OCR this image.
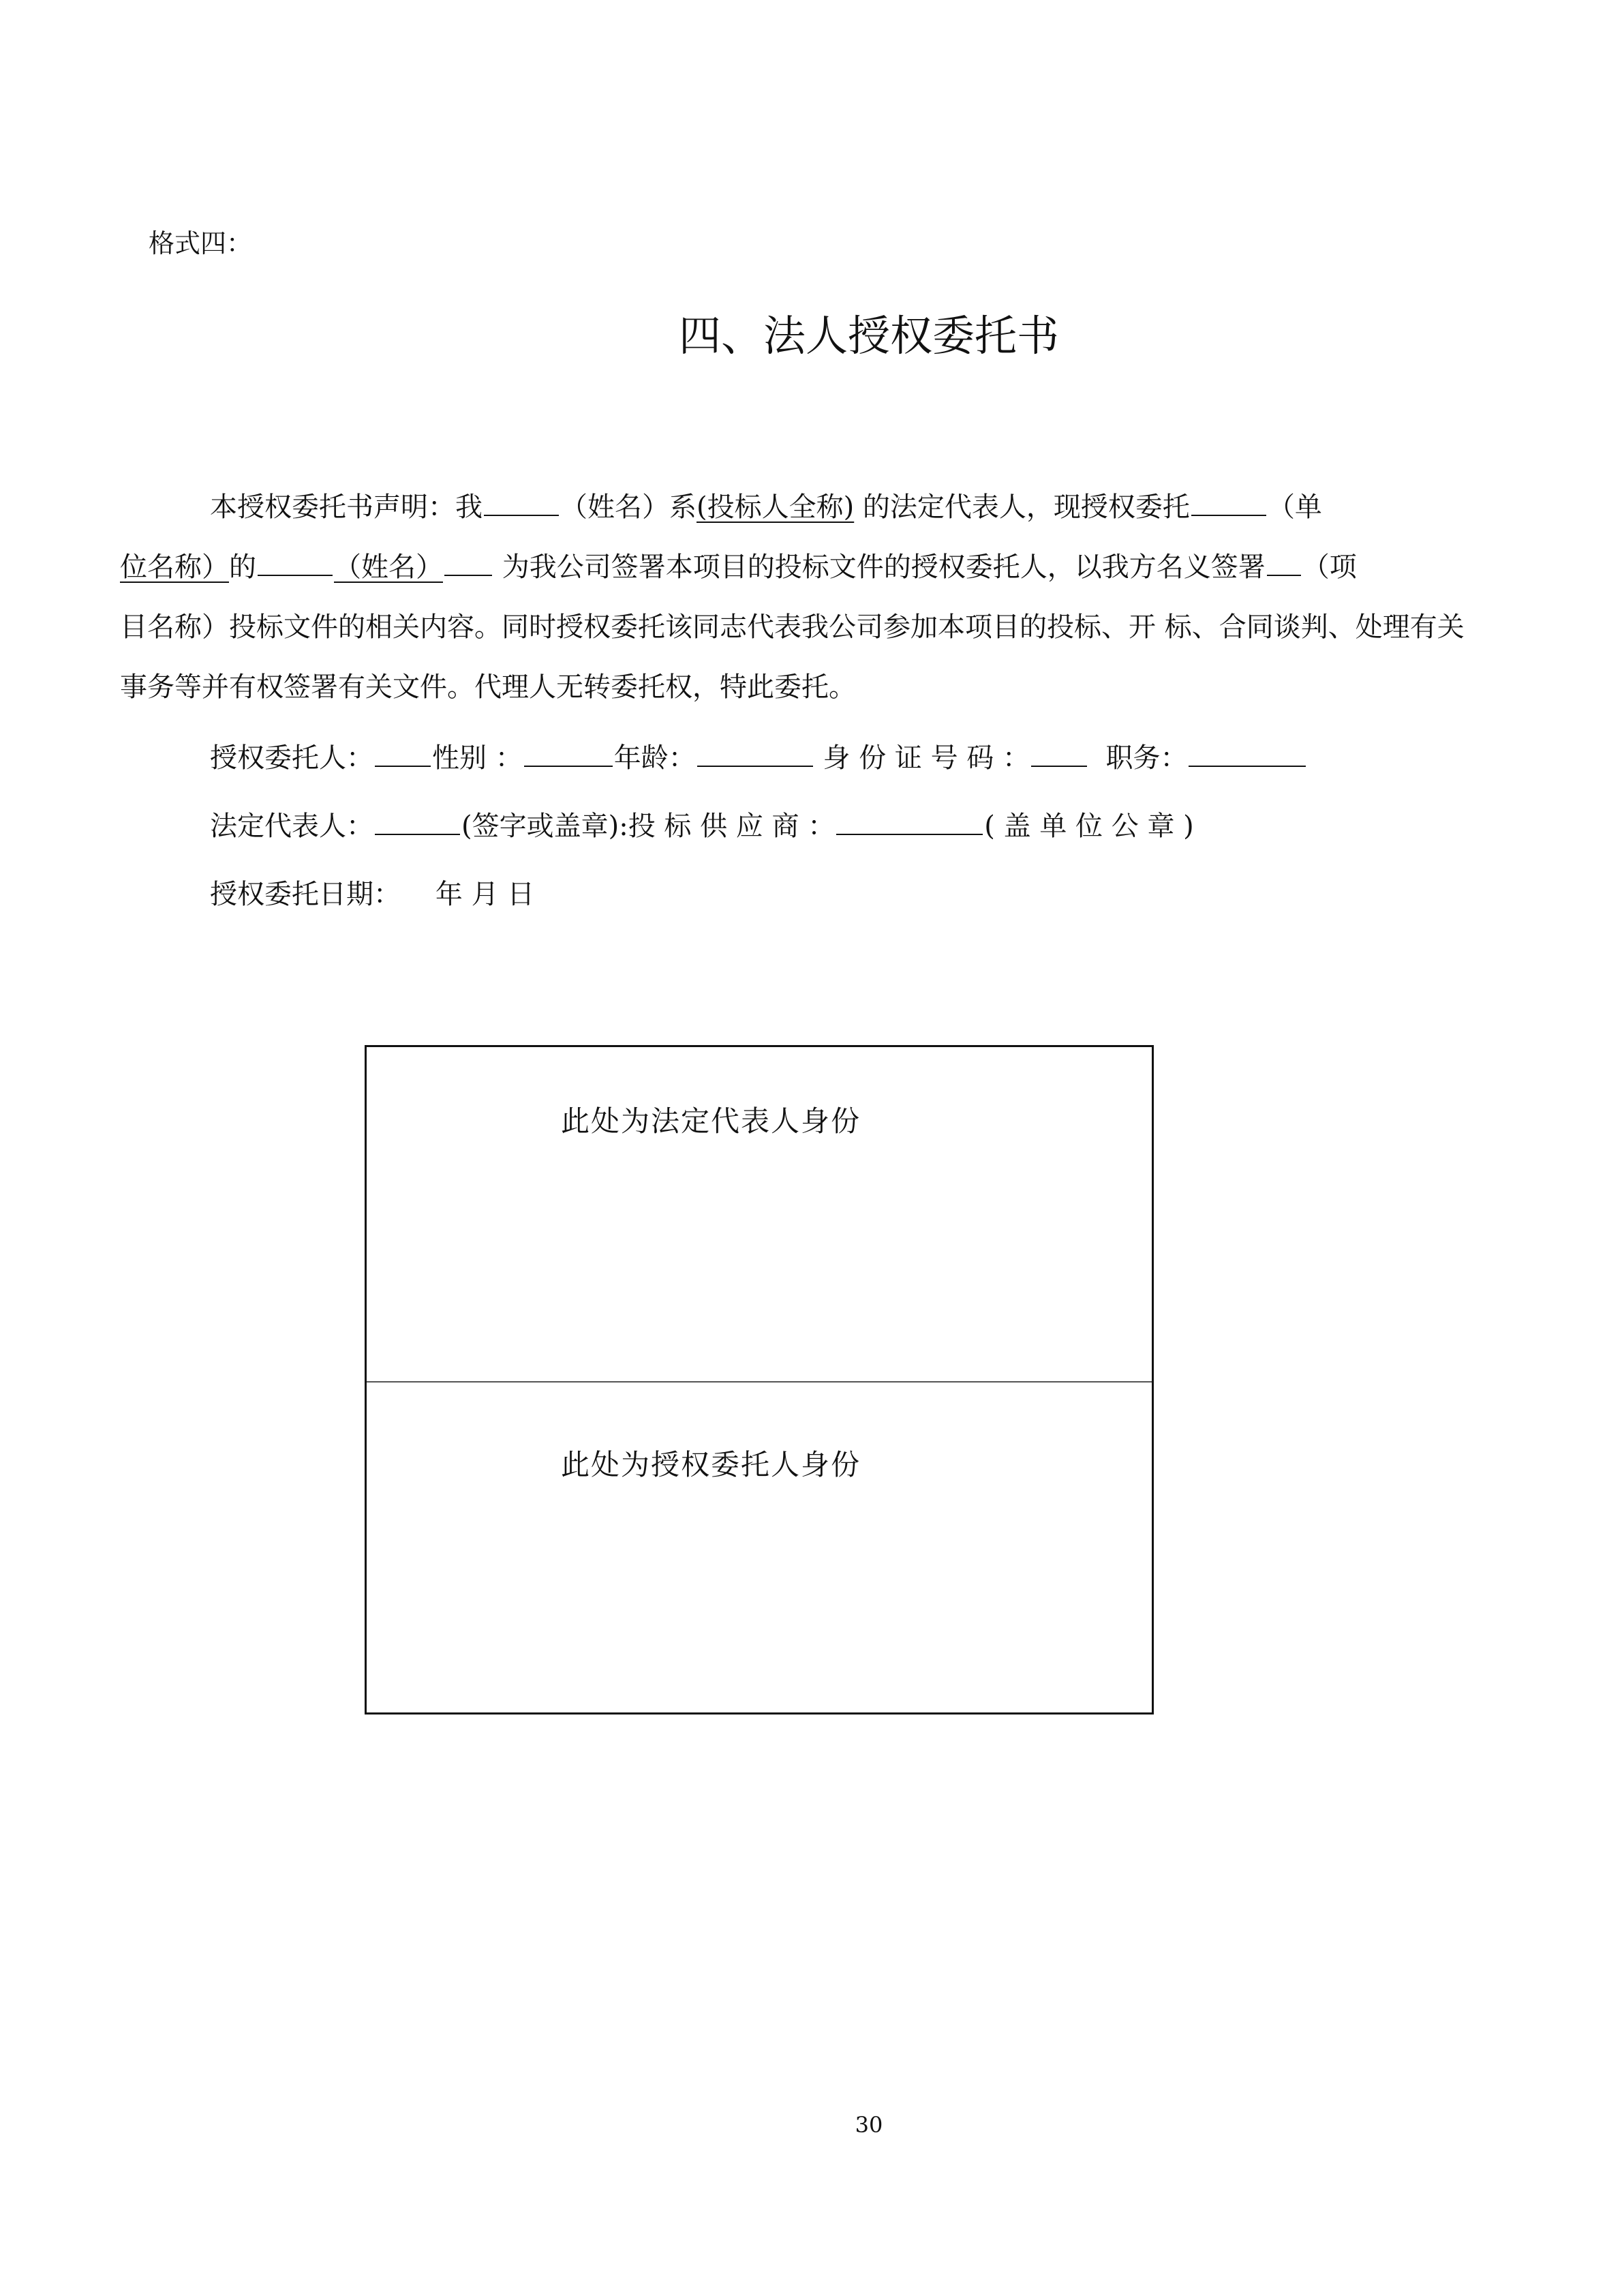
格式四：
四、法人授权委托书
本授权委托书声明：我	（姓名）系(投标人全称) 的法定代表人，现授权委托	（单
位名称）的	（姓名） 为我公司签署本项目的投标文件的授权委托人，以我方名义签署 （项
目名称）投标文件的相关内容。同时授权委托该同志代表我公司参加本项目的投标、开 标、合同谈判、处理有关
事务等并有权签署有关文件。代理人无转委托权，特此委托。
授权委托人： 性别 ：	年龄：	身 份 证 号 码 ：	职务：
法定代表人：	(签字或盖章):投 标 供 应 商 ：	( 盖 单 位 公 章 )
授权委托日期： 年 月 日
此处为法定代表人身份
此处为授权委托人身份
30
